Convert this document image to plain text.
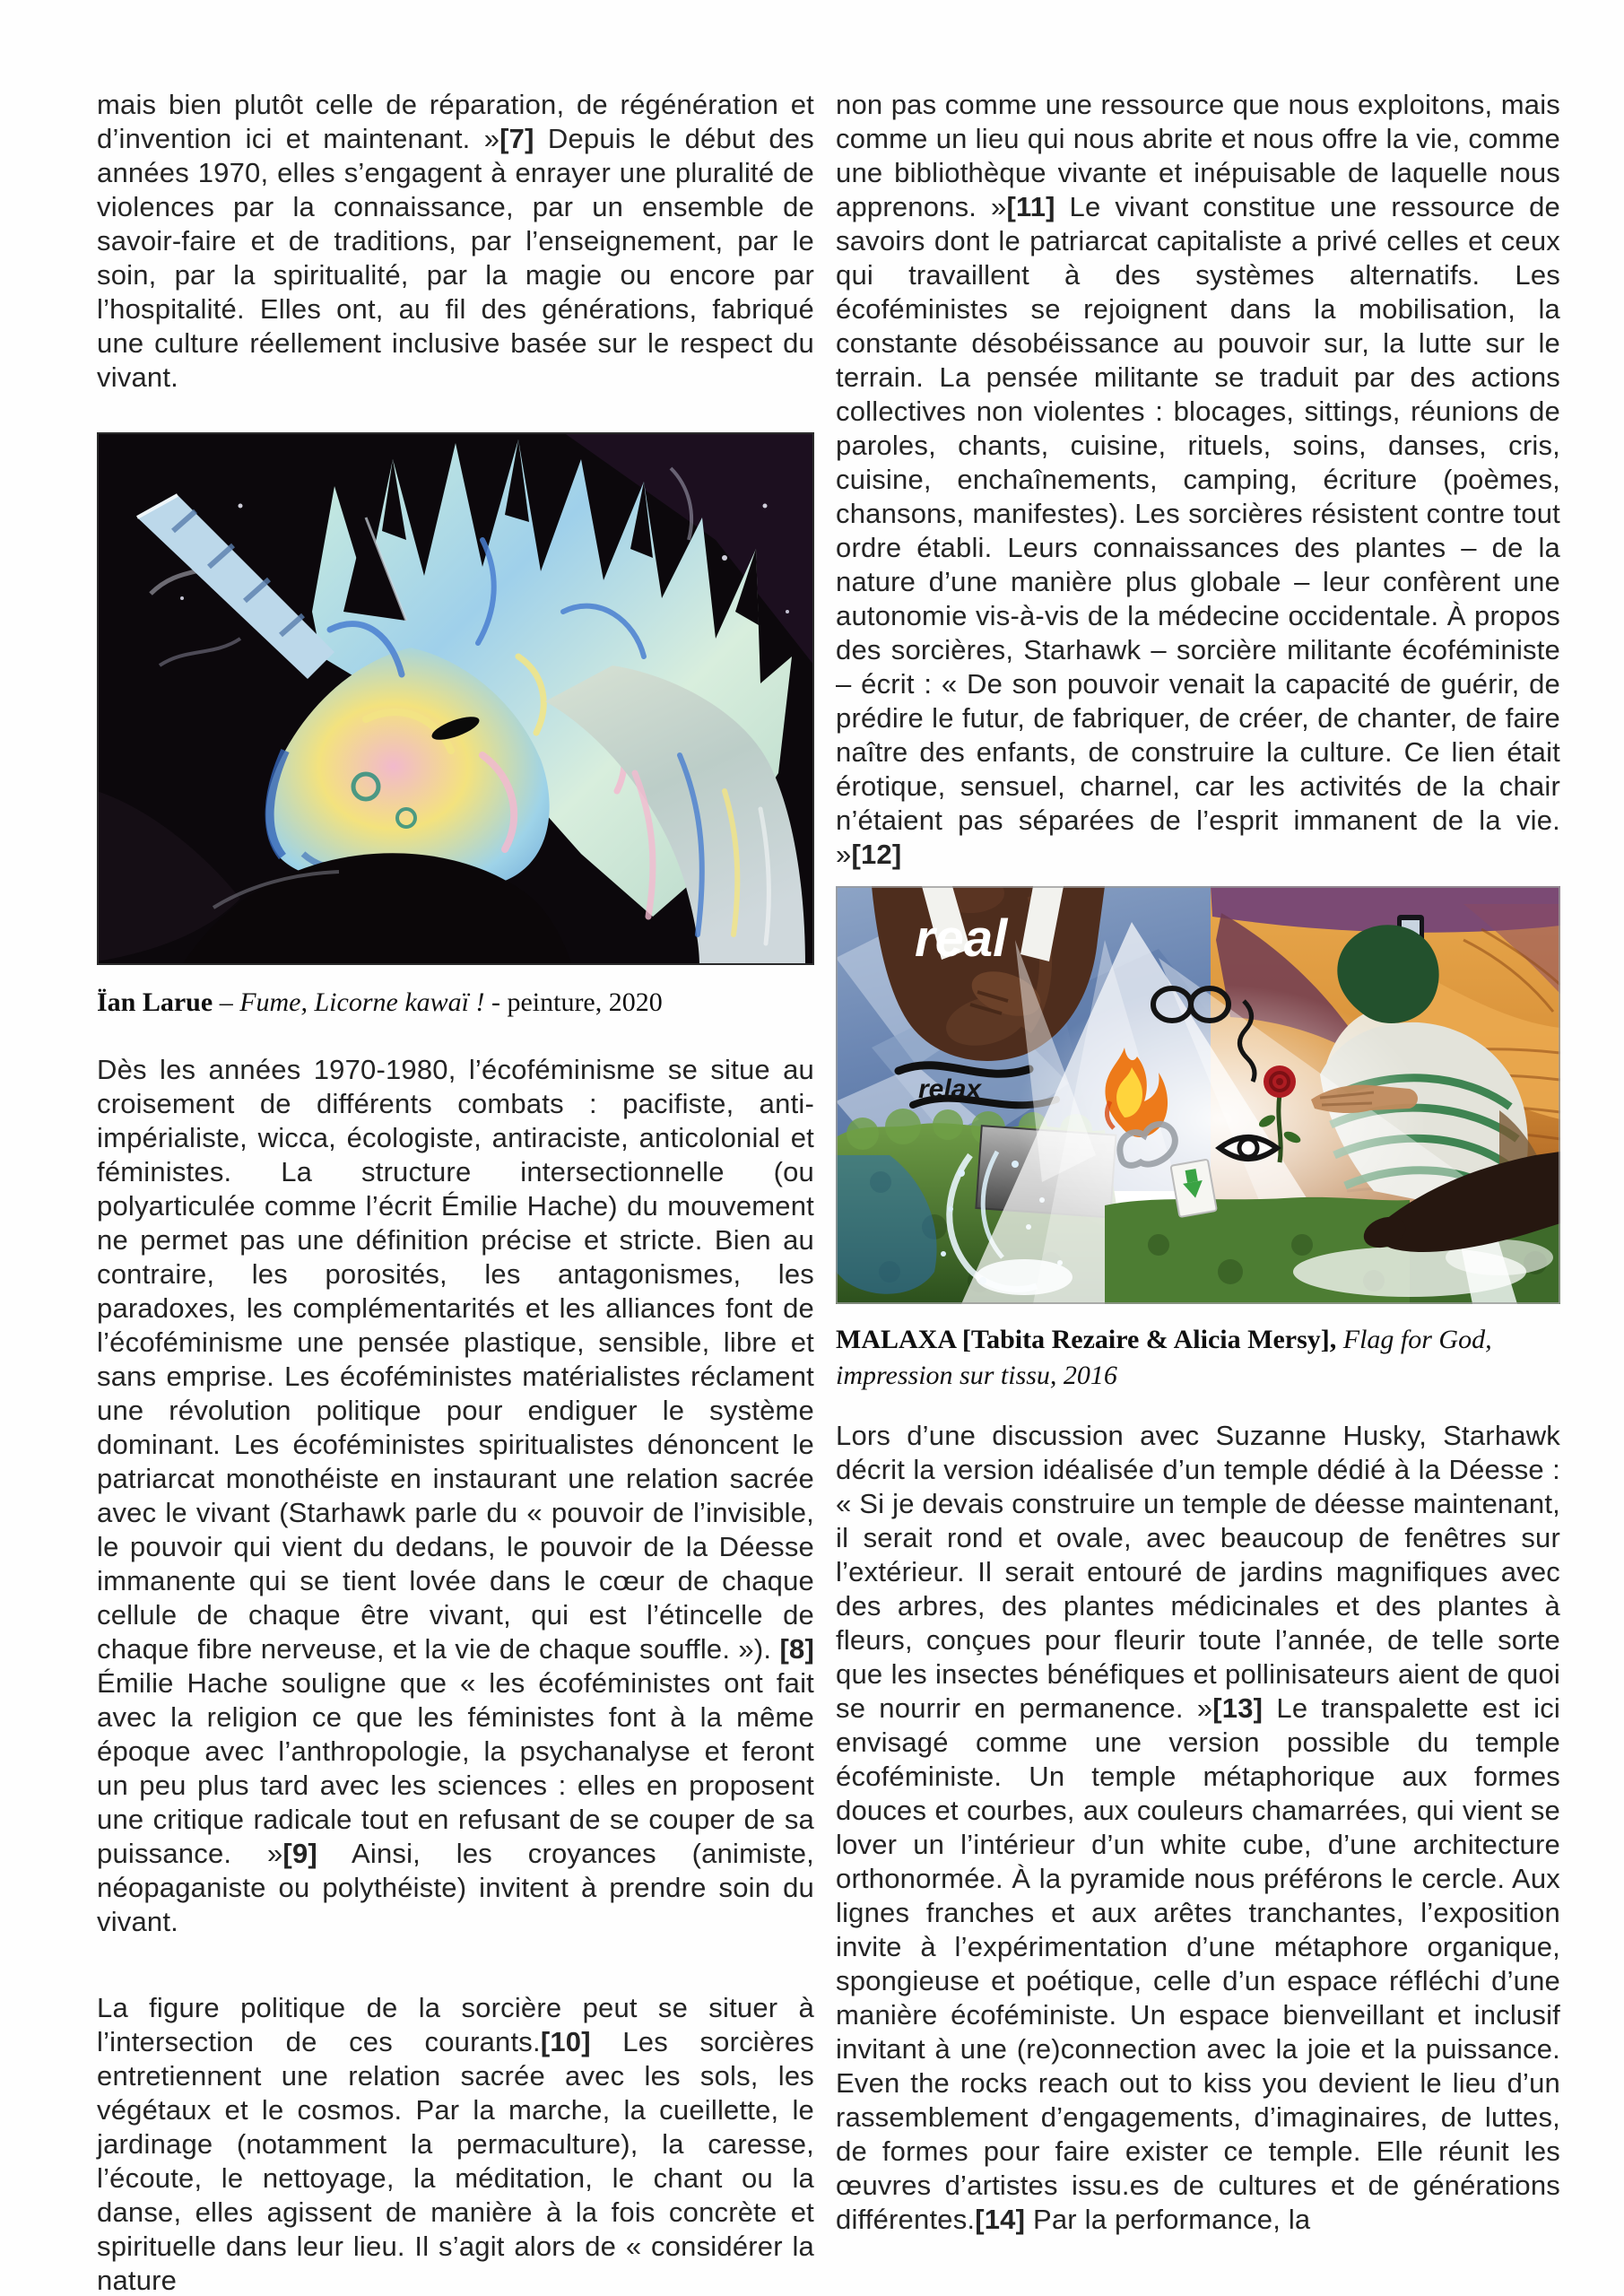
mais bien plutôt celle de réparation, de régénération et d’invention ici et maintenant. »[7] Depuis le début des années 1970, elles s’engagent à enrayer une pluralité de violences par la connaissance, par un ensemble de savoir-faire et de traditions, par l’enseignement, par le soin, par la spiritualité, par la magie ou encore par l’hospitalité. Elles ont, au fil des générations, fabriqué une culture réellement inclusive basée sur le respect du vivant.

Ïan Larue – Fume, Licorne kawaï ! - peinture, 2020

Dès les années 1970-1980, l’écoféminisme se situe au croisement de différents combats : pacifiste, anti-impérialiste, wicca, écologiste, antiraciste, anticolonial et féministes. La structure intersectionnelle (ou polyarticulée comme l’écrit Émilie Hache) du mouvement ne permet pas une définition précise et stricte. Bien au contraire, les porosités, les antagonismes, les paradoxes, les complémentarités et les alliances font de l’écoféminisme une pensée plastique, sensible, libre et sans emprise. Les écoféministes matérialistes réclament une révolution politique pour endiguer le système dominant. Les écoféministes spiritualistes dénoncent le patriarcat monothéiste en instaurant une relation sacrée avec le vivant (Starhawk parle du « pouvoir de l’invisible, le pouvoir qui vient du dedans, le pouvoir de la Déesse immanente qui se tient lovée dans le cœur de chaque cellule de chaque être vivant, qui est l’étincelle de chaque fibre nerveuse, et la vie de chaque souffle. »). [8] Émilie Hache souligne que « les écoféministes ont fait avec la religion ce que les féministes font à la même époque avec l’anthropologie, la psychanalyse et feront un peu plus tard avec les sciences : elles en proposent une critique radicale tout en refusant de se couper de sa puissance. »[9] Ainsi, les croyances (animiste, néopaganiste ou polythéiste) invitent à prendre soin du vivant.

La figure politique de la sorcière peut se situer à l’intersection de ces courants.[10] Les sorcières entretiennent une relation sacrée avec les sols, les végétaux et le cosmos. Par la marche, la cueillette, le jardinage (notamment la permaculture), la caresse, l’écoute, le nettoyage, la méditation, le chant ou la danse, elles agissent de manière à la fois concrète et spirituelle dans leur lieu. Il s’agit alors de « considérer la nature

non pas comme une ressource que nous exploitons, mais comme un lieu qui nous abrite et nous offre la vie, comme une bibliothèque vivante et inépuisable de laquelle nous apprenons. »[11] Le vivant constitue une ressource de savoirs dont le patriarcat capitaliste a privé celles et ceux qui travaillent à des systèmes alternatifs. Les écoféministes se rejoignent dans la mobilisation, la constante désobéissance au pouvoir sur, la lutte sur le terrain. La pensée militante se traduit par des actions collectives non violentes : blocages, sittings, réunions de paroles, chants, cuisine, rituels, soins, danses, cris, cuisine, enchaînements, camping, écriture (poèmes, chansons, manifestes). Les sorcières résistent contre tout ordre établi. Leurs connaissances des plantes – de la nature d’une manière plus globale – leur confèrent une autonomie vis-à-vis de la médecine occidentale. À propos des sorcières, Starhawk – sorcière militante écoféministe – écrit : « De son pouvoir venait la capacité de guérir, de prédire le futur, de fabriquer, de créer, de chanter, de faire naître des enfants, de construire la culture. Ce lien était érotique, sensuel, charnel, car les activités de la chair n’étaient pas séparées de l’esprit immanent de la vie. »[12]

real
relax
MALAXA [Tabita Rezaire & Alicia Mersy], Flag for God, impression sur tissu, 2016

Lors d’une discussion avec Suzanne Husky, Starhawk décrit la version idéalisée d’un temple dédié à la Déesse : « Si je devais construire un temple de déesse maintenant, il serait rond et ovale, avec beaucoup de fenêtres sur l’extérieur. Il serait entouré de jardins magnifiques avec des arbres, des plantes médicinales et des plantes à fleurs, conçues pour fleurir toute l’année, de telle sorte que les insectes bénéfiques et pollinisateurs aient de quoi se nourrir en permanence. »[13] Le transpalette est ici envisagé comme une version possible du temple écoféministe. Un temple métaphorique aux formes douces et courbes, aux couleurs chamarrées, qui vient se lover un l’intérieur d’un white cube, d’une architecture orthonormée. À la pyramide nous préférons le cercle. Aux lignes franches et aux arêtes tranchantes, l’exposition invite à l’expérimentation d’une métaphore organique, spongieuse et poétique, celle d’un espace réfléchi d’une manière écoféministe. Un espace bienveillant et inclusif invitant à une (re)connection avec la joie et la puissance. Even the rocks reach out to kiss you devient le lieu d’un rassemblement d’engagements, d’imaginaires, de luttes, de formes pour faire exister ce temple. Elle réunit les œuvres d’artistes issu.es de cultures et de générations différentes.[14] Par la performance, la
